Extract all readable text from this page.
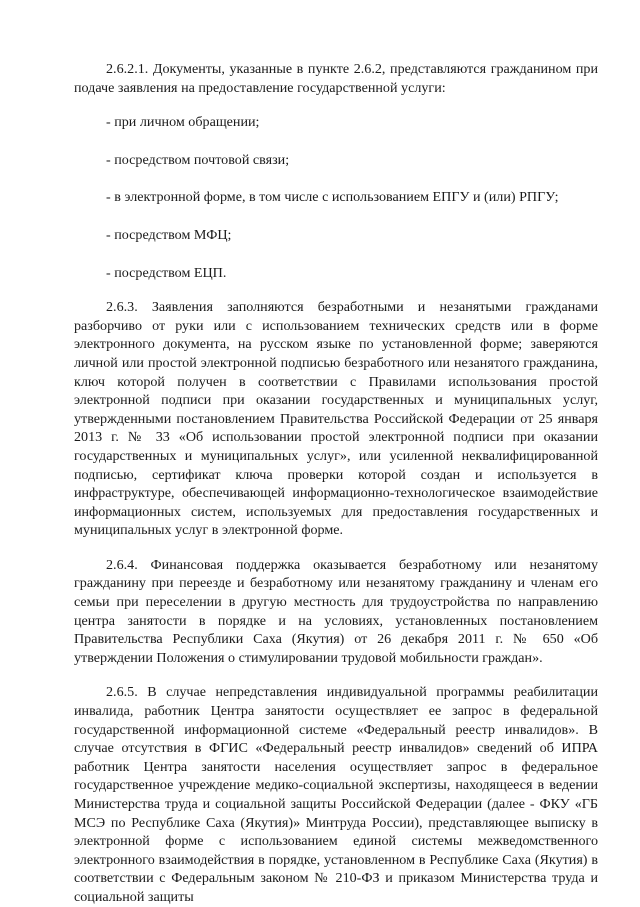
2.6.2.1. Документы, указанные в пункте 2.6.2, представляются гражданином при подаче заявления на предоставление государственной услуги:

- при личном обращении;

- посредством почтовой связи;

- в электронной форме, в том числе с использованием ЕПГУ и (или) РПГУ;

- посредством МФЦ;

- посредством ЕЦП.

2.6.3. Заявления заполняются безработными и незанятыми гражданами разборчиво от руки или с использованием технических средств или в форме электронного документа, на русском языке по установленной форме; заверяются личной или простой электронной подписью безработного или незанятого гражданина, ключ которой получен в соответствии с Правилами использования простой электронной подписи при оказании государственных и муниципальных услуг, утвержденными постановлением Правительства Российской Федерации от 25 января 2013 г. № 33 «Об использовании простой электронной подписи при оказании государственных и муниципальных услуг», или усиленной неквалифицированной подписью, сертификат ключа проверки которой создан и используется в инфраструктуре, обеспечивающей информационно-технологическое взаимодействие информационных систем, используемых для предоставления государственных и муниципальных услуг в электронной форме.

2.6.4. Финансовая поддержка оказывается безработному или незанятому гражданину при переезде и безработному или незанятому гражданину и членам его семьи при переселении в другую местность для трудоустройства по направлению центра занятости в порядке и на условиях, установленных постановлением Правительства Республики Саха (Якутия) от 26 декабря 2011 г. № 650 «Об утверждении Положения о стимулировании трудовой мобильности граждан».

2.6.5. В случае непредставления индивидуальной программы реабилитации инвалида, работник Центра занятости осуществляет ее запрос в федеральной государственной информационной системе «Федеральный реестр инвалидов». В случае отсутствия в ФГИС «Федеральный реестр инвалидов» сведений об ИПРА работник Центра занятости населения осуществляет запрос в федеральное государственное учреждение медико-социальной экспертизы, находящееся в ведении Министерства труда и социальной защиты Российской Федерации (далее - ФКУ «ГБ МСЭ по Республике Саха (Якутия)» Минтруда России), представляющее выписку в электронной форме с использованием единой системы межведомственного электронного взаимодействия в порядке, установленном в Республике Саха (Якутия) в соответствии с Федеральным законом № 210-ФЗ и приказом Министерства труда и социальной защиты
